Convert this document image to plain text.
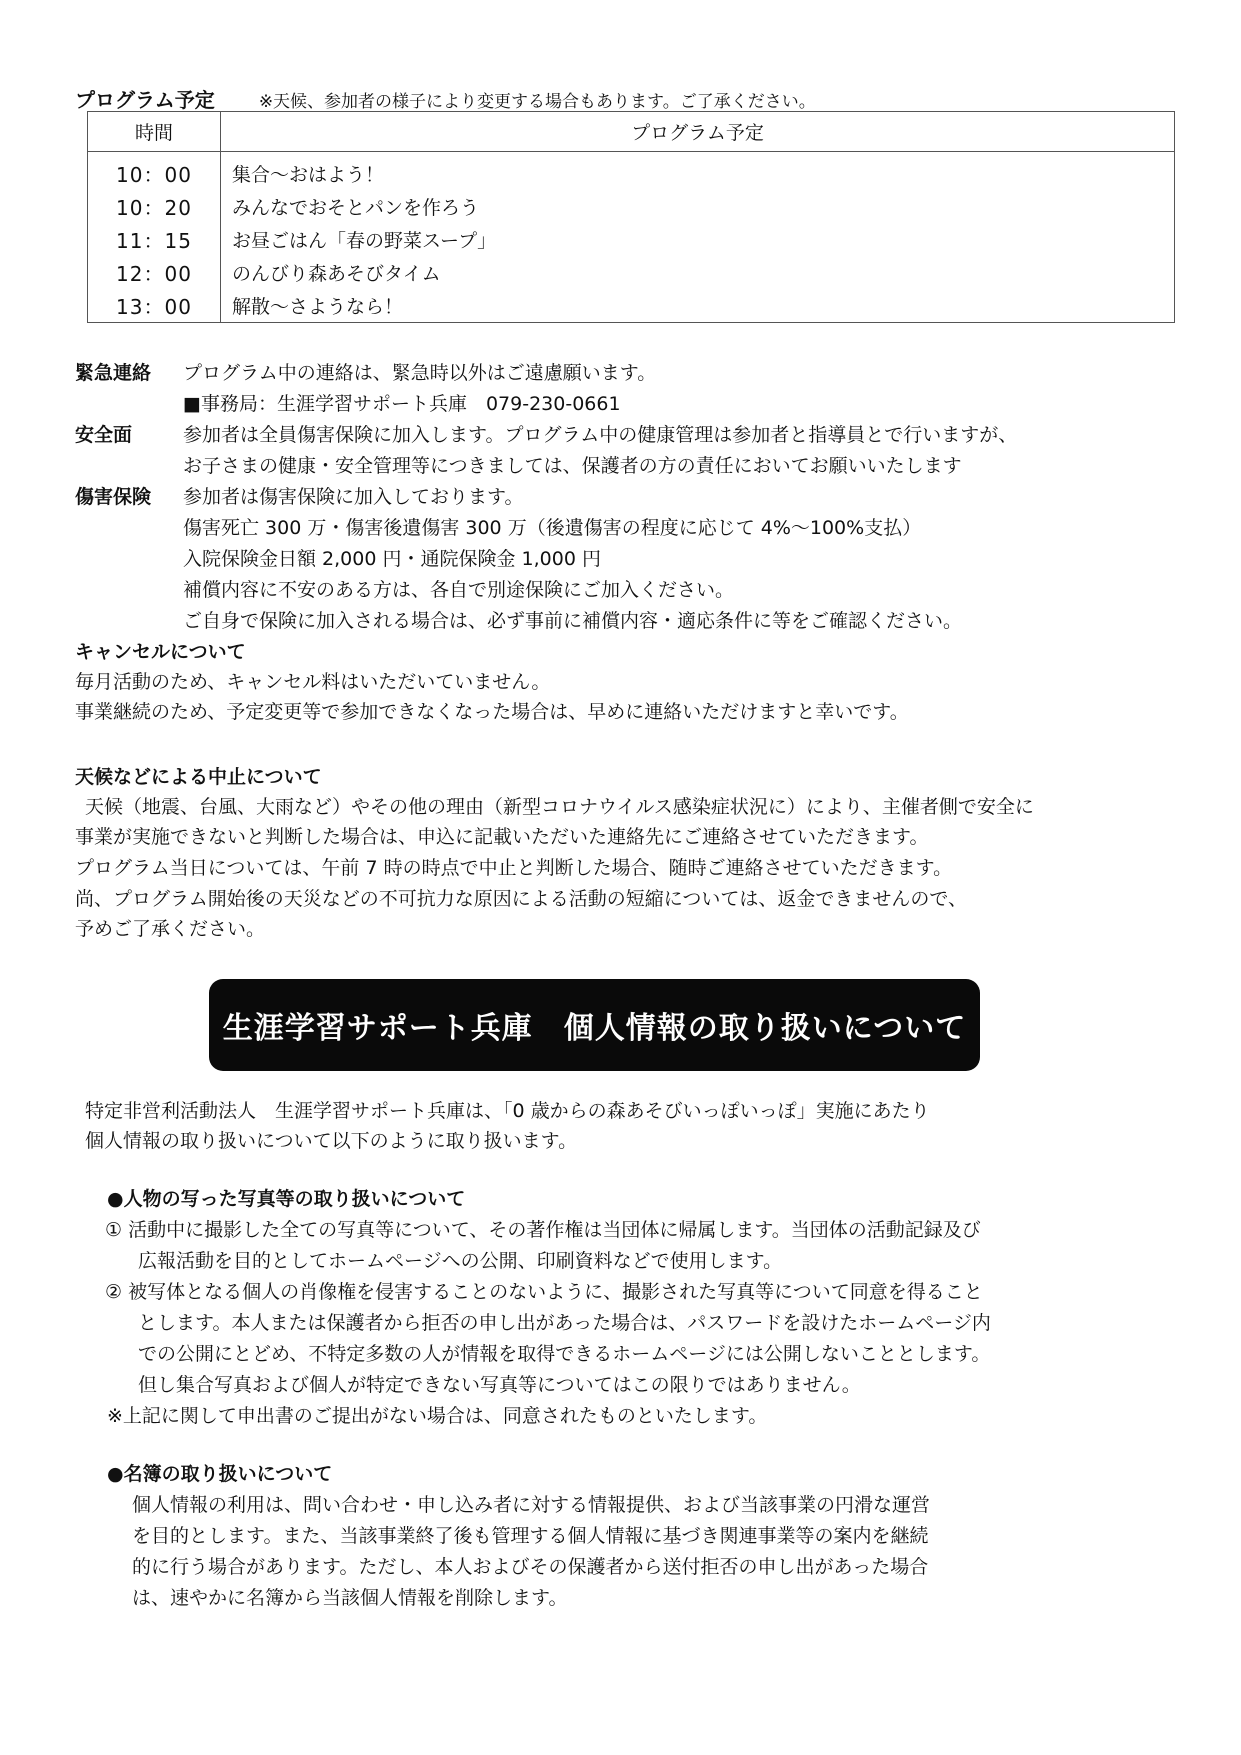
プログラム予定	※天候、参加者の様子により変更する場合もあります。ご了承ください。
時間	プログラム予定
10：00	集合～おはよう！
10：20	みんなでおそとパンを作ろう
11：15	お昼ごはん「春の野菜スープ」
12：00	のんびり森あそびタイム
13：00	解散～さようなら！
緊急連絡 プログラム中の連絡は、緊急時以外はご遠慮願います。
■事務局：生涯学習サポート兵庫　079-230-0661
安全面	参加者は全員傷害保険に加入します。プログラム中の健康管理は参加者と指導員とで行いますが、
お子さまの健康・安全管理等につきましては、保護者の方の責任においてお願いいたします
傷害保険 参加者は傷害保険に加入しております。
傷害死亡 300 万・傷害後遺傷害 300 万（後遺傷害の程度に応じて 4%～100%支払）
入院保険金日額 2,000 円・通院保険金 1,000 円
補償内容に不安のある方は、各自で別途保険にご加入ください。
ご自身で保険に加入される場合は、必ず事前に補償内容・適応条件に等をご確認ください。
キャンセルについて
毎月活動のため、キャンセル料はいただいていません。
事業継続のため、予定変更等で参加できなくなった場合は、早めに連絡いただけますと幸いです。
天候などによる中止について
天候（地震、台風、大雨など）やその他の理由（新型コロナウイルス感染症状況に）により、主催者側で安全に
事業が実施できないと判断した場合は、申込に記載いただいた連絡先にご連絡させていただきます。
プログラム当日については、午前 7 時の時点で中止と判断した場合、随時ご連絡させていただきます。
尚、プログラム開始後の天災などの不可抗力な原因による活動の短縮については、返金できませんので、
予めご了承ください。
生涯学習サポート兵庫　個人情報の取り扱いについて
特定非営利活動法人　生涯学習サポート兵庫は、「0 歳からの森あそびいっぽいっぽ」実施にあたり
個人情報の取り扱いについて以下のように取り扱います。
●人物の写った写真等の取り扱いについて
① 活動中に撮影した全ての写真等について、その著作権は当団体に帰属します。当団体の活動記録及び
広報活動を目的としてホームページへの公開、印刷資料などで使用します。
② 被写体となる個人の肖像権を侵害することのないように、撮影された写真等について同意を得ること
とします。本人または保護者から拒否の申し出があった場合は、パスワードを設けたホームページ内
での公開にとどめ、不特定多数の人が情報を取得できるホームページには公開しないこととします。
但し集合写真および個人が特定できない写真等についてはこの限りではありません。
※上記に関して申出書のご提出がない場合は、同意されたものといたします。
●名簿の取り扱いについて
個人情報の利用は、問い合わせ・申し込み者に対する情報提供、および当該事業の円滑な運営
を目的とします。また、当該事業終了後も管理する個人情報に基づき関連事業等の案内を継続
的に行う場合があります。ただし、本人およびその保護者から送付拒否の申し出があった場合
は、速やかに名簿から当該個人情報を削除します。
